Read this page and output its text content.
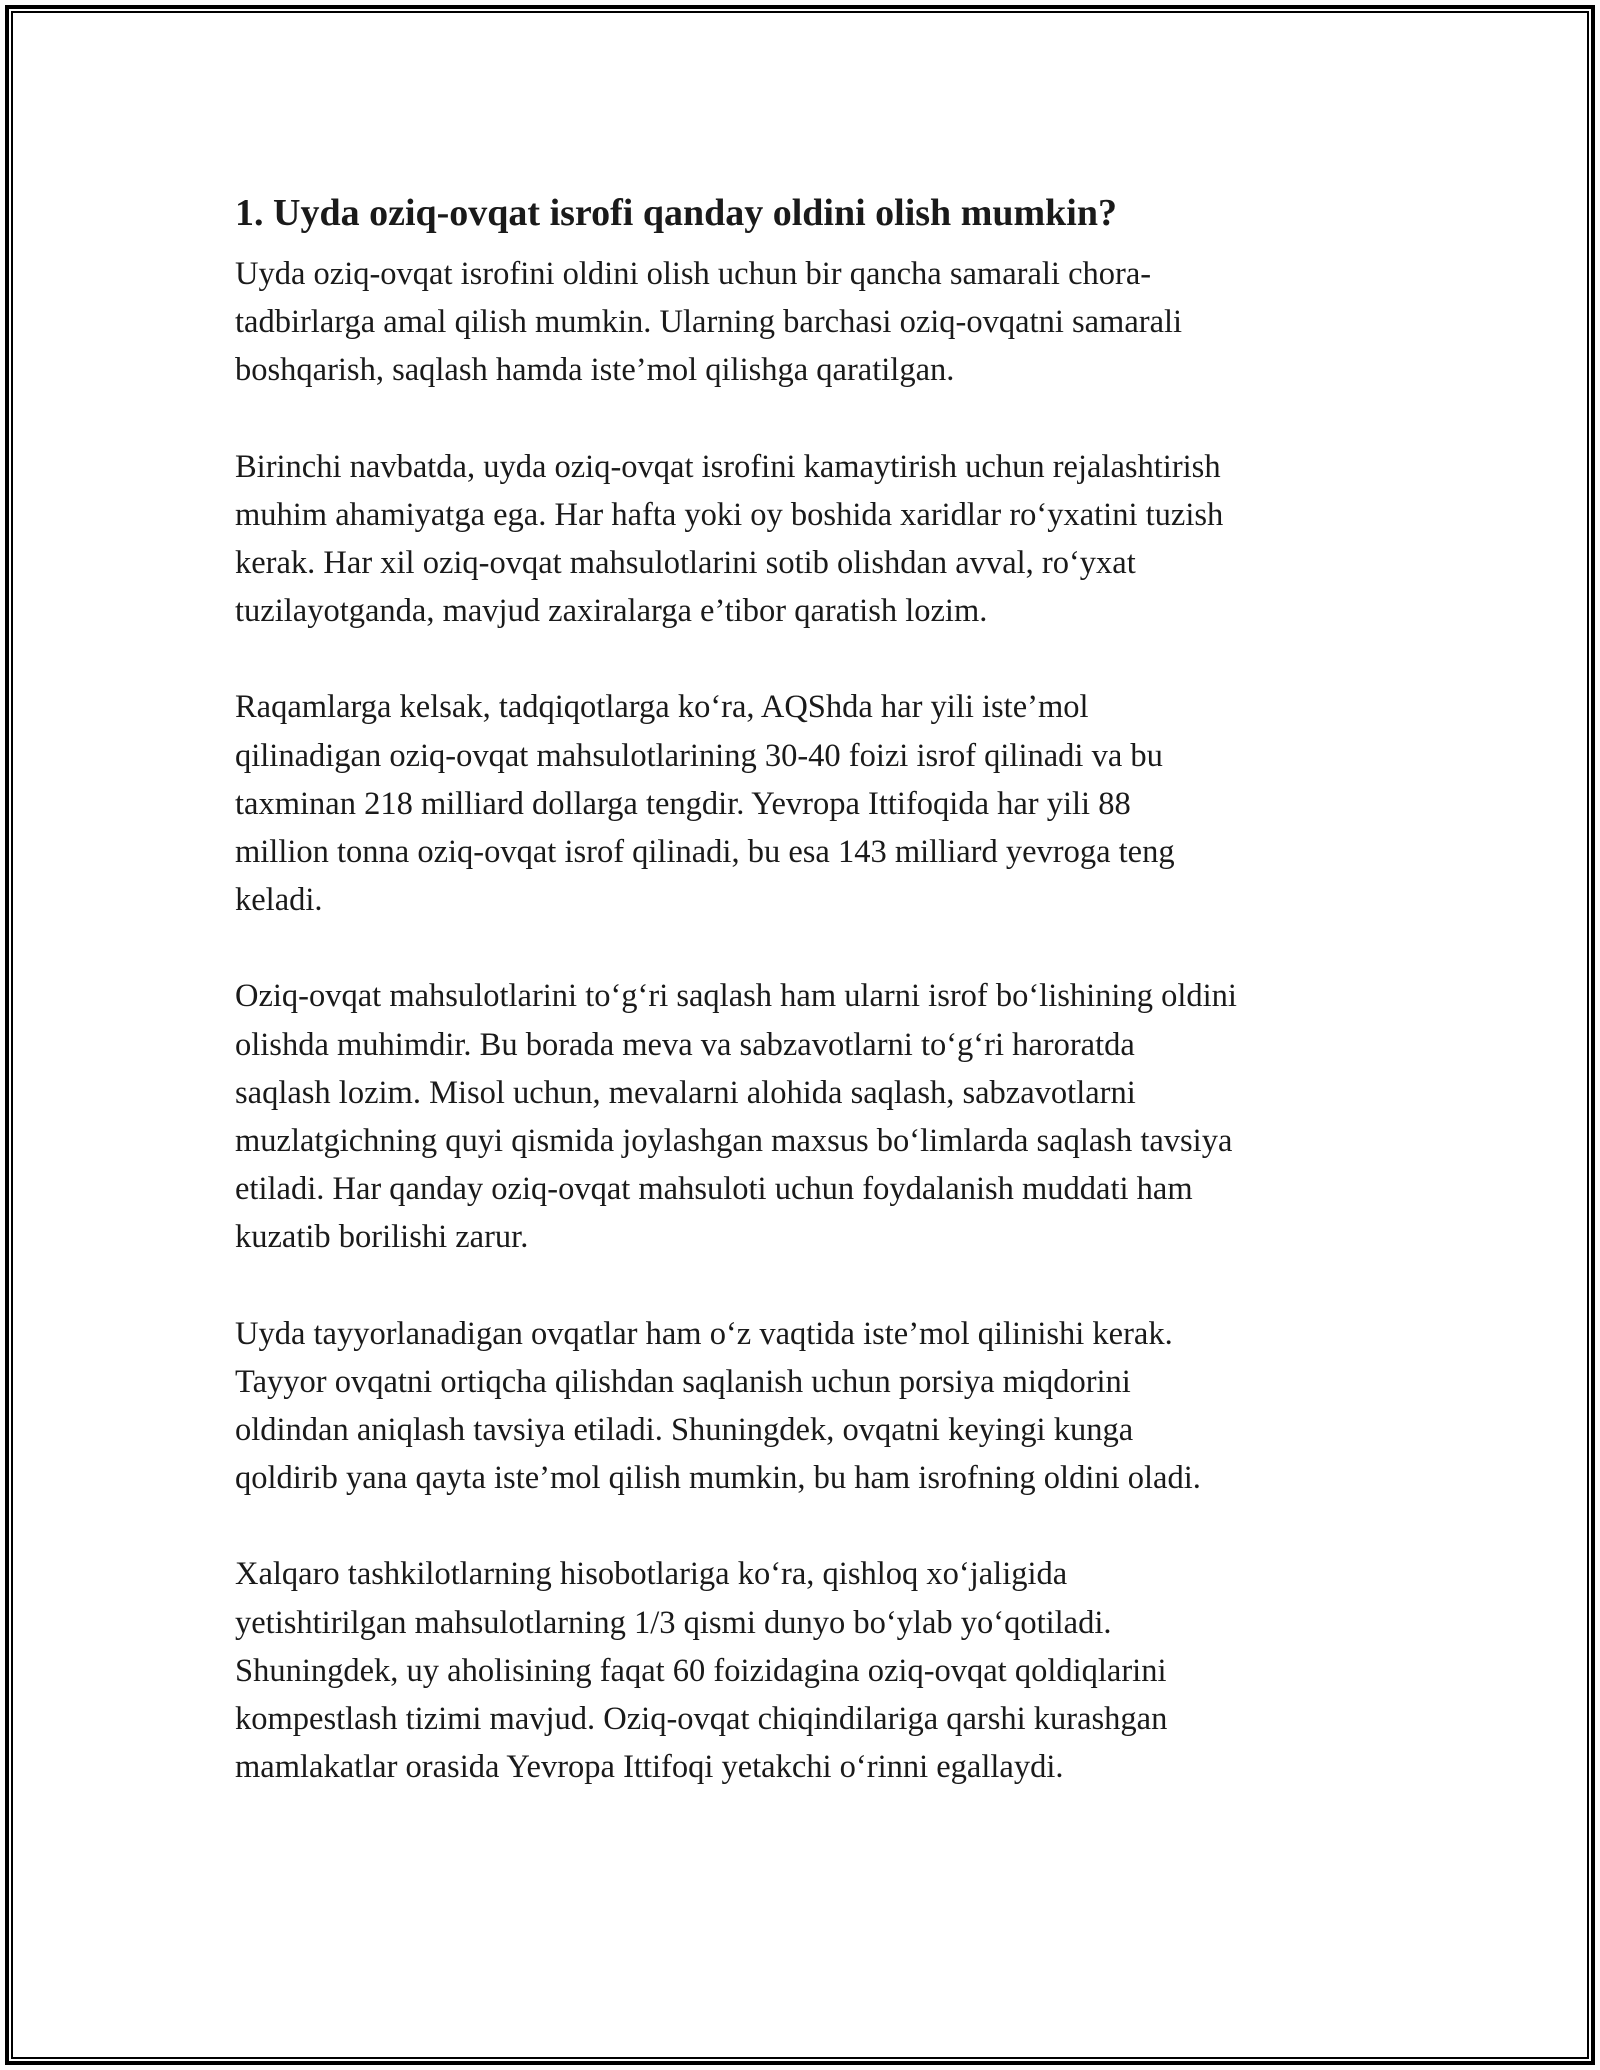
1. Uyda oziq-ovqat isrofi qanday oldini olish mumkin?
Uyda oziq-ovqat isrofini oldini olish uchun bir qancha samarali chora-
tadbirlarga amal qilish mumkin. Ularning barchasi oziq-ovqatni samarali
boshqarish, saqlash hamda iste’mol qilishga qaratilgan.
Birinchi navbatda, uyda oziq-ovqat isrofini kamaytirish uchun rejalashtirish
muhim ahamiyatga ega. Har hafta yoki oy boshida xaridlar ro‘yxatini tuzish
kerak. Har xil oziq-ovqat mahsulotlarini sotib olishdan avval, ro‘yxat
tuzilayotganda, mavjud zaxiralarga e’tibor qaratish lozim.
Raqamlarga kelsak, tadqiqotlarga ko‘ra, AQShda har yili iste’mol
qilinadigan oziq-ovqat mahsulotlarining 30-40 foizi isrof qilinadi va bu
taxminan 218 milliard dollarga tengdir. Yevropa Ittifoqida har yili 88
million tonna oziq-ovqat isrof qilinadi, bu esa 143 milliard yevroga teng
keladi.
Oziq-ovqat mahsulotlarini to‘g‘ri saqlash ham ularni isrof bo‘lishining oldini
olishda muhimdir. Bu borada meva va sabzavotlarni to‘g‘ri haroratda
saqlash lozim. Misol uchun, mevalarni alohida saqlash, sabzavotlarni
muzlatgichning quyi qismida joylashgan maxsus bo‘limlarda saqlash tavsiya
etiladi. Har qanday oziq-ovqat mahsuloti uchun foydalanish muddati ham
kuzatib borilishi zarur.
Uyda tayyorlanadigan ovqatlar ham o‘z vaqtida iste’mol qilinishi kerak.
Tayyor ovqatni ortiqcha qilishdan saqlanish uchun porsiya miqdorini
oldindan aniqlash tavsiya etiladi. Shuningdek, ovqatni keyingi kunga
qoldirib yana qayta iste’mol qilish mumkin, bu ham isrofning oldini oladi.
Xalqaro tashkilotlarning hisobotlariga ko‘ra, qishloq xo‘jaligida
yetishtirilgan mahsulotlarning 1/3 qismi dunyo bo‘ylab yo‘qotiladi.
Shuningdek, uy aholisining faqat 60 foizidagina oziq-ovqat qoldiqlarini
kompestlash tizimi mavjud. Oziq-ovqat chiqindilariga qarshi kurashgan
mamlakatlar orasida Yevropa Ittifoqi yetakchi o‘rinni egallaydi.
